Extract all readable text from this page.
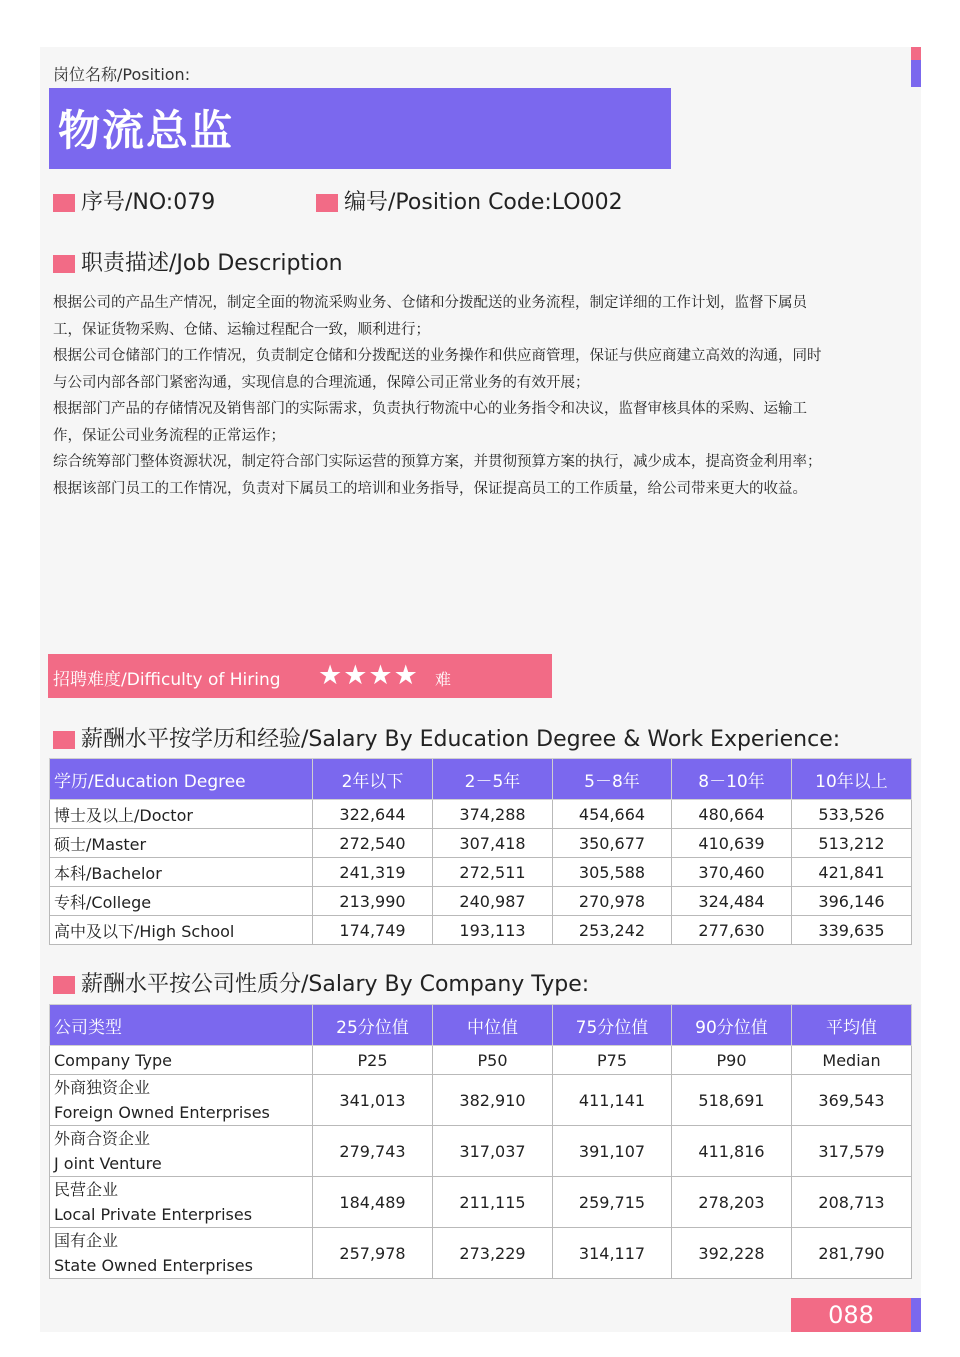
岗位名称/Position:
物流总监
序号/NO:079	编号/Position Code:LO002
职责描述/Job Description
根据公司的产品生产情况，制定全面的物流采购业务、仓储和分拨配送的业务流程，制定详细的工作计划，监督下属员
工，保证货物采购、仓储、运输过程配合一致，顺利进行；
根据公司仓储部门的工作情况，负责制定仓储和分拨配送的业务操作和供应商管理，保证与供应商建立高效的沟通，同时
与公司内部各部门紧密沟通，实现信息的合理流通，保障公司正常业务的有效开展；
根据部门产品的存储情况及销售部门的实际需求，负责执行物流中心的业务指令和决议，监督审核具体的采购、运输工
作，保证公司业务流程的正常运作；
综合统筹部门整体资源状况，制定符合部门实际运营的预算方案，并贯彻预算方案的执行，减少成本，提高资金利用率；
根据该部门员工的工作情况，负责对下属员工的培训和业务指导，保证提高员工的工作质量，给公司带来更大的收益。
招聘难度/Difficulty of Hiring ★★★★ 难
薪酬水平按学历和经验/Salary By Education Degree & Work Experience:
学历/Education Degree	2年以下	2－5年	5－8年	8－10年	10年以上
博士及以上/Doctor	322,644	374,288	454,664	480,664	533,526
硕士/Master	272,540	307,418	350,677	410,639	513,212
本科/Bachelor	241,319	272,511	305,588	370,460	421,841
专科/College	213,990	240,987	270,978	324,484	396,146
高中及以下/High School	174,749	193,113	253,242	277,630	339,635
薪酬水平按公司性质分/Salary By Company Type:
公司类型	25分位值	中位值	75分位值	90分位值	平均值
Company Type	P25	P50	P75	P90	Median

外商独资企业
Foreign Owned Enterprises	341,013	382,910	411,141	518,691	369,543

外商合资企业
J oint Venture	279,743	317,037	391,107	411,816	317,579

民营企业
Local Private Enterprises	184,489	211,115	259,715	278,203	208,713

国有企业
State Owned Enterprises	257,978	273,229	314,117	392,228	281,790
088
